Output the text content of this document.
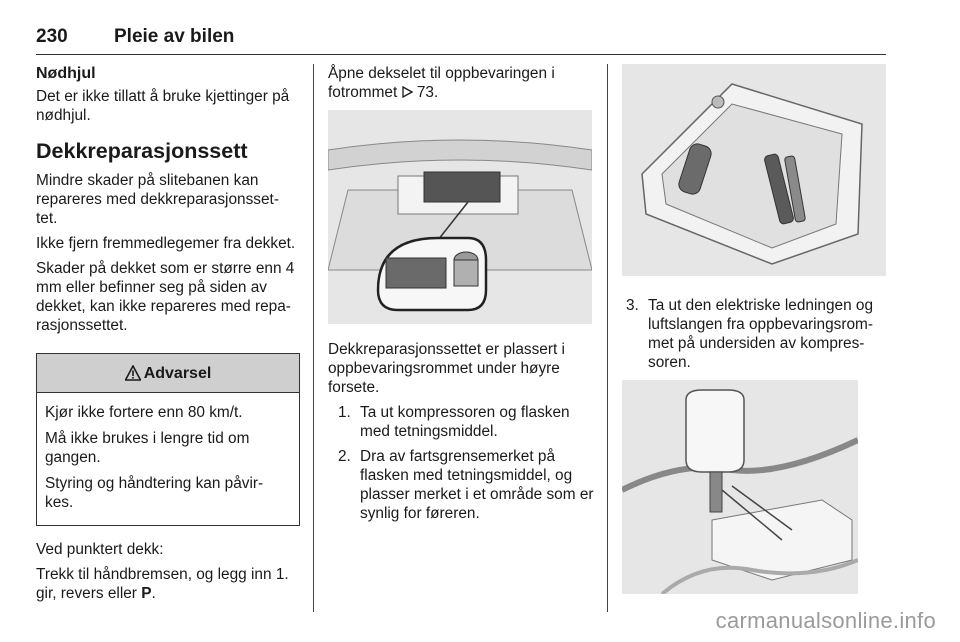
230 Pleie av bilen
Nødhjul

Det er ikke tillatt å bruke kjettinger på nødhjul.

Dekkreparasjonssett

Mindre skader på slitebanen kan repareres med dekkreparasjonsset-tet.

Ikke fjern fremmedlegemer fra dekket.

Skader på dekket som er større enn 4 mm eller befinner seg på siden av dekket, kan ikke repareres med repa-rasjonssettet.

Advarsel

Kjør ikke fortere enn 80 km/t.

Må ikke brukes i lengre tid om gangen.

Styring og håndtering kan påvir-kes.

Ved punktert dekk:

Trekk til håndbremsen, og legg inn 1. gir, revers eller P.

Åpne dekselet til oppbevaringen i fotrommet  73.

Dekkreparasjonssettet er plassert i oppbevaringsrommet under høyre forsete.

1. Ta ut kompressoren og flasken med tetningsmiddel.
2. Dra av fartsgrensemerket på flasken med tetningsmiddel, og plasser merket i et område som er synlig for føreren.
3. Ta ut den elektriske ledningen og luftslangen fra oppbevaringsrom-met på undersiden av kompres-soren.
carmanualsonline.info
